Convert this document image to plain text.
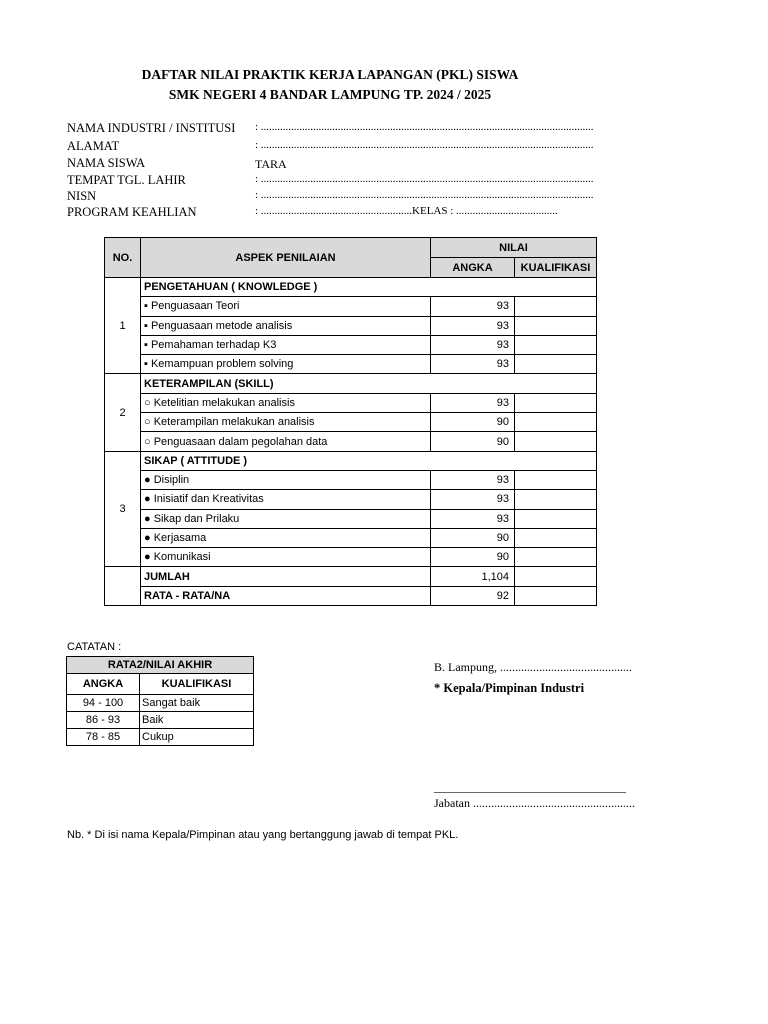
DAFTAR NILAI PRAKTIK KERJA LAPANGAN (PKL) SISWA
SMK NEGERI 4 BANDAR LAMPUNG TP. 2024 / 2025
NAMA INDUSTRI / INSTITUSI : .........................................................................................................................
ALAMAT	: .........................................................................................................................
NAMA SISWA	TARA
TEMPAT TGL. LAHIR	: .........................................................................................................................
NISN	: .........................................................................................................................
PROGRAM KEAHLIAN	: .......................................................KELAS : .....................................
NO.	ASPEK PENILAIAN	NILAI	
		ANGKA	KUALIFIKASI
1	PENGETAHUAN ( KNOWLEDGE )		
	▪ Penguasaan Teori	93	
	▪ Penguasaan metode analisis	93	
	▪ Pemahaman terhadap K3	93	
	▪ Kemampuan problem solving	93	
2	KETERAMPILAN (SKILL)		
	○ Ketelitian melakukan analisis	93	
	○ Keterampilan melakukan analisis	90	
	○ Penguasaan dalam pegolahan data	90	
3	SIKAP ( ATTITUDE )		
	● Disiplin	93	
	● Inisiatif dan Kreativitas	93	
	● Sikap dan Prilaku	93	
	● Kerjasama	90	
	● Komunikasi	90	
	JUMLAH	1,104	
	RATA - RATA/NA	92	
CATATAN :
RATA2/NILAI AKHIR	
ANGKA	KUALIFIKASI
94 - 100	Sangat baik
86 - 93	Baik
78 - 85	Cukup
B. Lampung, ............................................
* Kepala/Pimpinan Industri
________________________________
Jabatan ......................................................
Nb. * Di isi nama Kepala/Pimpinan atau yang bertanggung jawab di tempat PKL.
